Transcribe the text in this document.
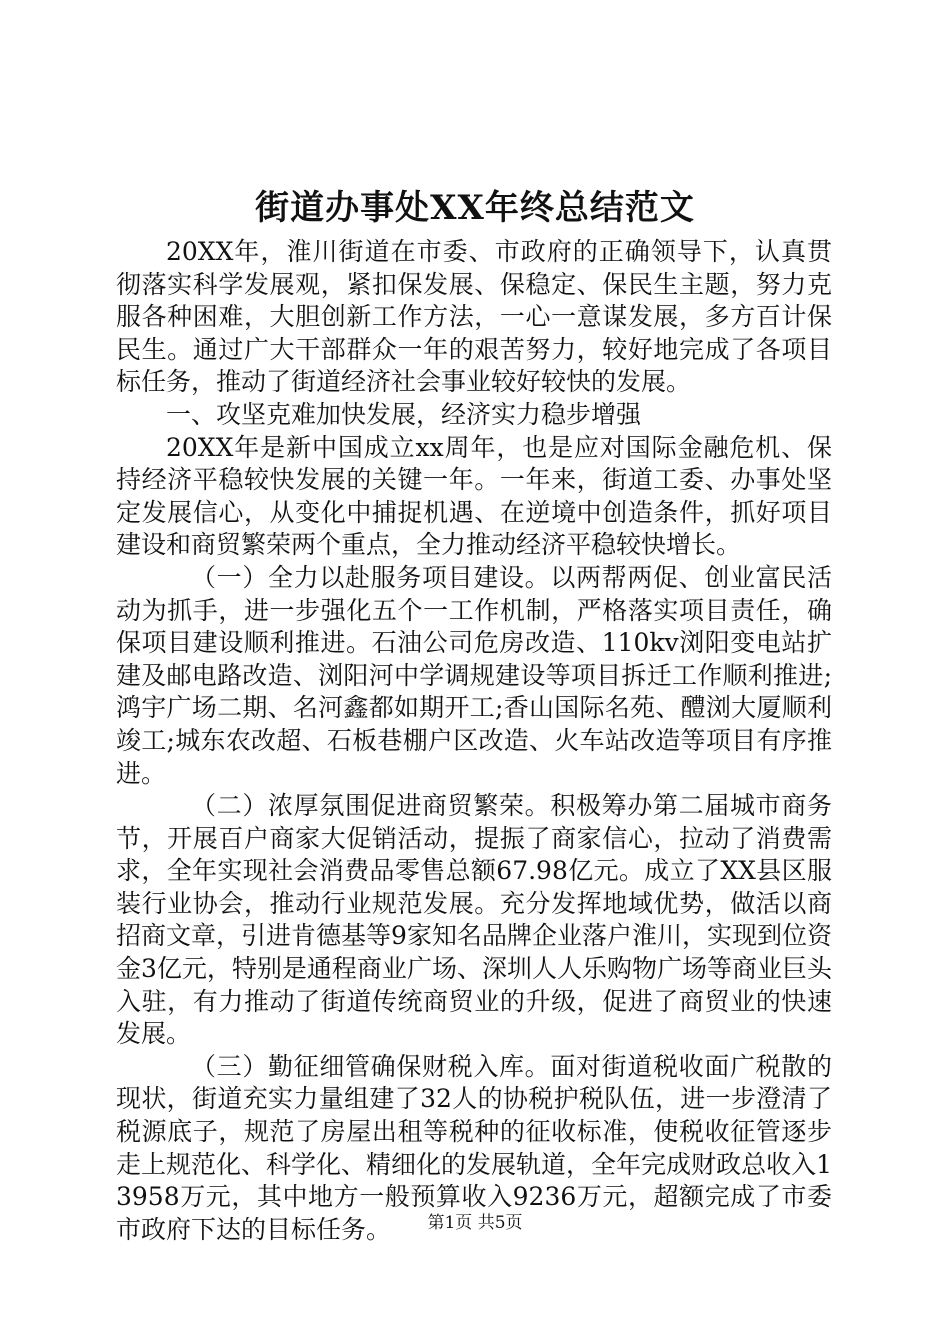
街道办事处XX年终总结范文

20XX年，淮川街道在市委、市政府的正确领导下，认真贯彻落实科学发展观，紧扣保发展、保稳定、保民生主题，努力克服各种困难，大胆创新工作方法，一心一意谋发展，多方百计保民生。通过广大干部群众一年的艰苦努力，较好地完成了各项目标任务，推动了街道经济社会事业较好较快的发展。

一、攻坚克难加快发展，经济实力稳步增强

20XX年是新中国成立xx周年，也是应对国际金融危机、保持经济平稳较快发展的关键一年。一年来，街道工委、办事处坚定发展信心，从变化中捕捉机遇、在逆境中创造条件，抓好项目建设和商贸繁荣两个重点，全力推动经济平稳较快增长。

（一）全力以赴服务项目建设。以两帮两促、创业富民活动为抓手，进一步强化五个一工作机制，严格落实项目责任，确保项目建设顺利推进。石油公司危房改造、110kv浏阳变电站扩建及邮电路改造、浏阳河中学调规建设等项目拆迁工作顺利推进;鸿宇广场二期、名河鑫都如期开工;香山国际名苑、醴浏大厦顺利竣工;城东农改超、石板巷棚户区改造、火车站改造等项目有序推进。

（二）浓厚氛围促进商贸繁荣。积极筹办第二届城市商务节，开展百户商家大促销活动，提振了商家信心，拉动了消费需求，全年实现社会消费品零售总额67.98亿元。成立了XX县区服装行业协会，推动行业规范发展。充分发挥地域优势，做活以商招商文章，引进肯德基等9家知名品牌企业落户淮川，实现到位资金3亿元，特别是通程商业广场、深圳人人乐购物广场等商业巨头入驻，有力推动了街道传统商贸业的升级，促进了商贸业的快速发展。

（三）勤征细管确保财税入库。面对街道税收面广税散的现状，街道充实力量组建了32人的协税护税队伍，进一步澄清了税源底子，规范了房屋出租等税种的征收标准，使税收征管逐步走上规范化、科学化、精细化的发展轨道，全年完成财政总收入13958万元，其中地方一般预算收入9236万元，超额完成了市委市政府下达的目标任务。	第1页 共5页
